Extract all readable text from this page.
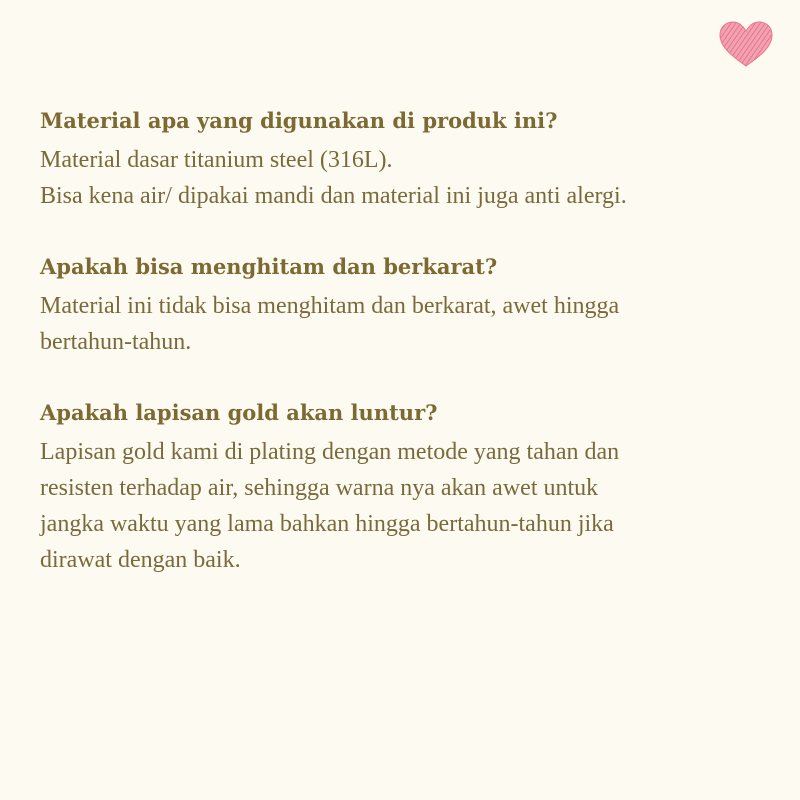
Material apa yang digunakan di produk ini?

Material dasar titanium steel (316L).

Bisa kena air/ dipakai mandi dan material ini juga anti alergi.

Apakah bisa menghitam dan berkarat?

Material ini tidak bisa menghitam dan berkarat, awet hingga

bertahun-tahun.

Apakah lapisan gold akan luntur?

Lapisan gold kami di plating dengan metode yang tahan dan

resisten terhadap air, sehingga warna nya akan awet untuk

jangka waktu yang lama bahkan hingga bertahun-tahun jika

dirawat dengan baik.
